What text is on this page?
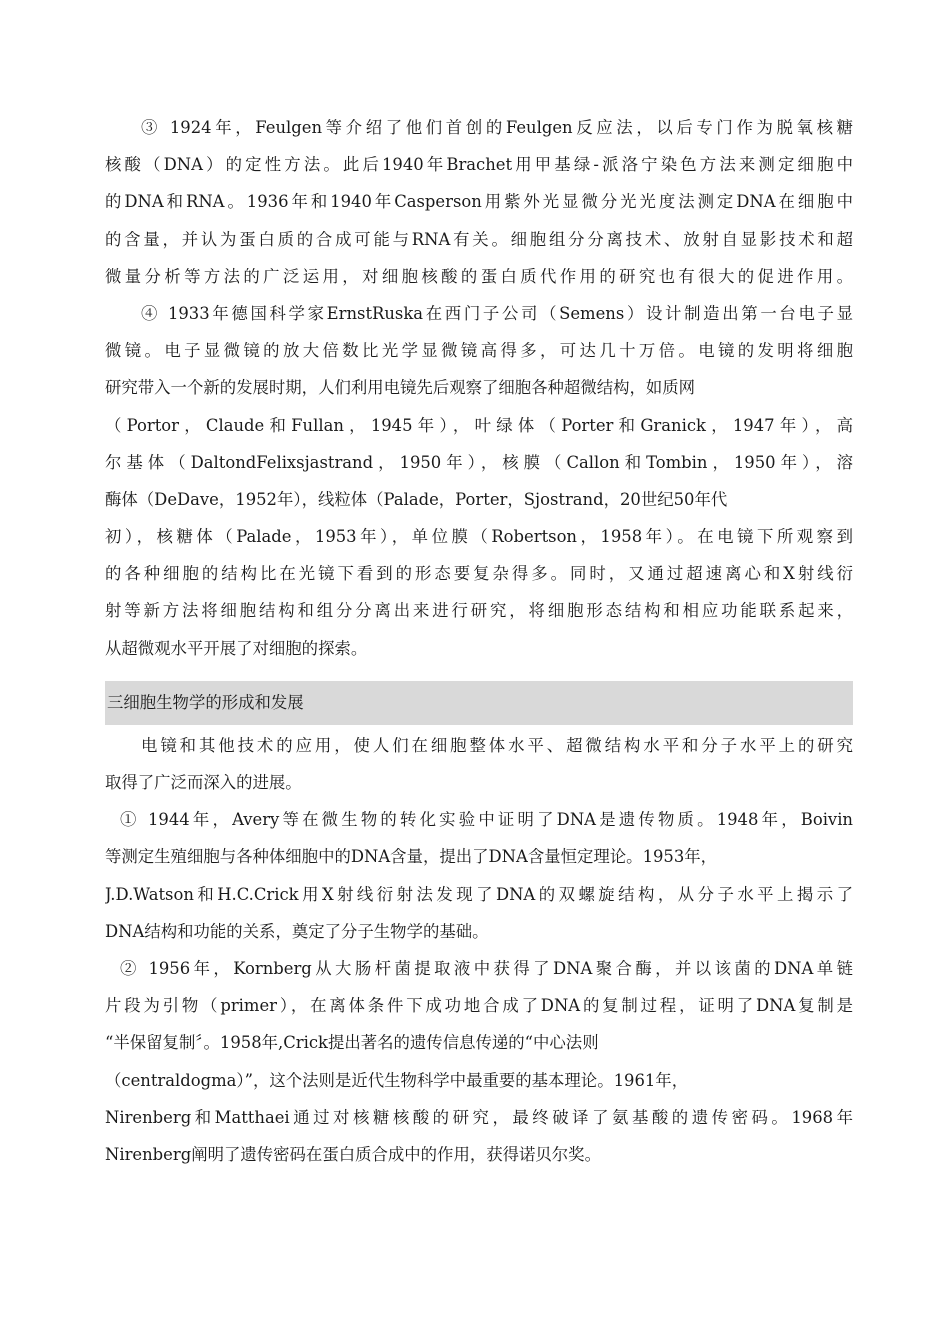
③ 1924年，Feulgen等介绍了他们首创的Feulgen反应法，以后专门作为脱氧核糖
核酸（DNA）的定性方法。此后1940年Brachet用甲基绿-派洛宁染色方法来测定细胞中
的DNA和RNA。1936年和1940年Casperson用紫外光显微分光光度法测定DNA在细胞中
的含量，并认为蛋白质的合成可能与RNA有关。细胞组分分离技术、放射自显影技术和超
微量分析等方法的广泛运用，对细胞核酸的蛋白质代作用的研究也有很大的促进作用。
④ 1933年德国科学家ErnstRuska在西门子公司（Semens）设计制造出第一台电子显
微镜。电子显微镜的放大倍数比光学显微镜高得多，可达几十万倍。电镜的发明将细胞
研究带入一个新的发展时期，人们利用电镜先后观察了细胞各种超微结构，如质网
（Portor，Claude和Fullan，1945年），叶绿体（Porter和Granick，1947年），高
尔基体（DaltondFelixsjastrand，1950年），核膜（Callon和Tombin，1950年），溶
酶体（DeDave，1952年），线粒体（Palade，Porter，Sjostrand，20世纪50年代
初），核糖体（Palade，1953年），单位膜（Robertson，1958年）。在电镜下所观察到
的各种细胞的结构比在光镜下看到的形态要复杂得多。同时，又通过超速离心和X射线衍
射等新方法将细胞结构和组分分离出来进行研究，将细胞形态结构和相应功能联系起来，
从超微观水平开展了对细胞的探索。
三细胞生物学的形成和发展
电镜和其他技术的应用，使人们在细胞整体水平、超微结构水平和分子水平上的研究
取得了广泛而深入的进展。
① 1944年，Avery等在微生物的转化实验中证明了DNA是遗传物质。1948年，Boivin
等测定生殖细胞与各种体细胞中的DNA含量，提出了DNA含量恒定理论。1953年，
J.D.Watson和H.C.Crick用X射线衍射法发现了DNA的双螺旋结构，从分子水平上揭示了
DNA结构和功能的关系，奠定了分子生物学的基础。
② 1956年，Kornberg从大肠杆菌提取液中获得了DNA聚合酶，并以该菌的DNA单链
片段为引物（primer），在离体条件下成功地合成了DNA的复制过程，证明了DNA复制是
“半保留复制〞。1958年,Crick提出著名的遗传信息传递的“中心法则
（centraldogma）”，这个法则是近代生物科学中最重要的基本理论。1961年，
Nirenberg和Matthaei通过对核糖核酸的研究，最终破译了氨基酸的遗传密码。1968年
Nirenberg阐明了遗传密码在蛋白质合成中的作用，获得诺贝尔奖。
